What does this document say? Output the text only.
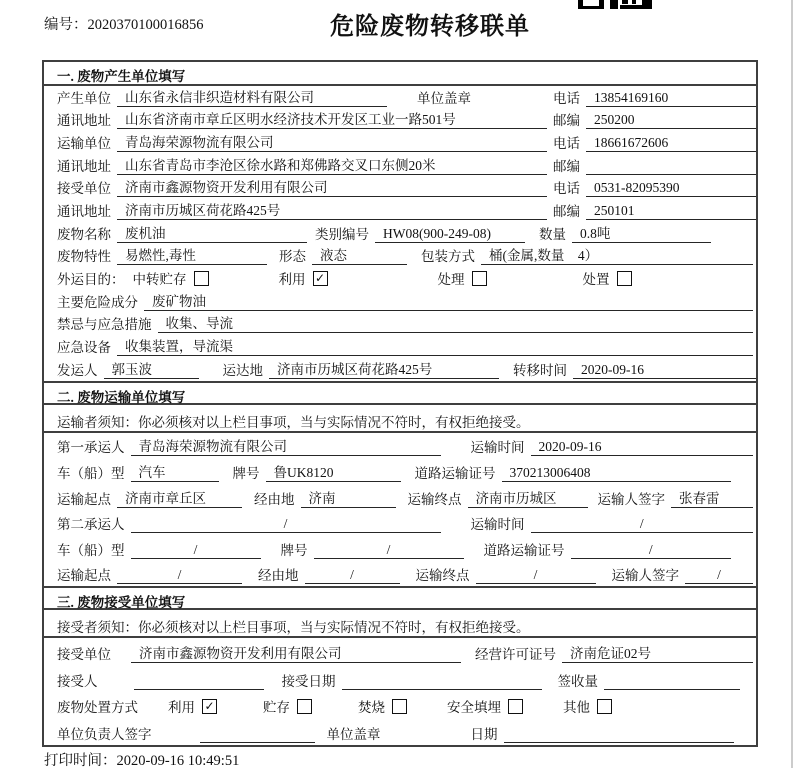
编号：2020370100016856	危险废物转移联单
一. 废物产生单位填写
产生单位	山东省永信非织造材料有限公司	单位盖章	电话	13854169160
通讯地址	山东省济南市章丘区明水经济技术开发区工业一路501号	邮编	250200
运输单位	青岛海荣源物流有限公司	电话	18661672606
通讯地址	山东省青岛市李沧区徐水路和郑佛路交叉口东侧20米	邮编
接受单位	济南市鑫源物资开发利用有限公司	电话	0531-82095390
通讯地址	济南市历城区荷花路425号	邮编	250101
废物名称	废机油	类别编号	HW08(900-249-08)	数量	0.8吨
废物特性	易燃性,毒性	形态	液态	包装方式	桶(金属,数量　4）
外运目的： 中转贮存	利用 ✓	处理	处置
主要危险成分	废矿物油
禁忌与应急措施	收集、导流
应急设备	收集装置，导流渠
发运人	郭玉波	运达地	济南市历城区荷花路425号	转移时间	2020-09-16
二. 废物运输单位填写
运输者须知：你必须核对以上栏目事项，当与实际情况不符时，有权拒绝接受。
第一承运人	青岛海荣源物流有限公司	运输时间	2020-09-16
车（船）型	汽车	牌号	鲁UK8120	道路运输证号	370213006408
运输起点	济南市章丘区	经由地	济南	运输终点	济南市历城区	运输人签字	张春雷
第二承运人	/	运输时间	/
车（船）型	/	牌号	/	道路运输证号	/
运输起点	/	经由地	/	运输终点	/	运输人签字	/
三. 废物接受单位填写
接受者须知：你必须核对以上栏目事项，当与实际情况不符时，有权拒绝接受。
接受单位	济南市鑫源物资开发利用有限公司	经营许可证号	济南危证02号
接受人	接受日期	签收量
废物处置方式 利用 ✓	贮存	焚烧	安全填埋	其他
单位负责人签字	单位盖章	日期
打印时间：2020-09-16 10:49:51
